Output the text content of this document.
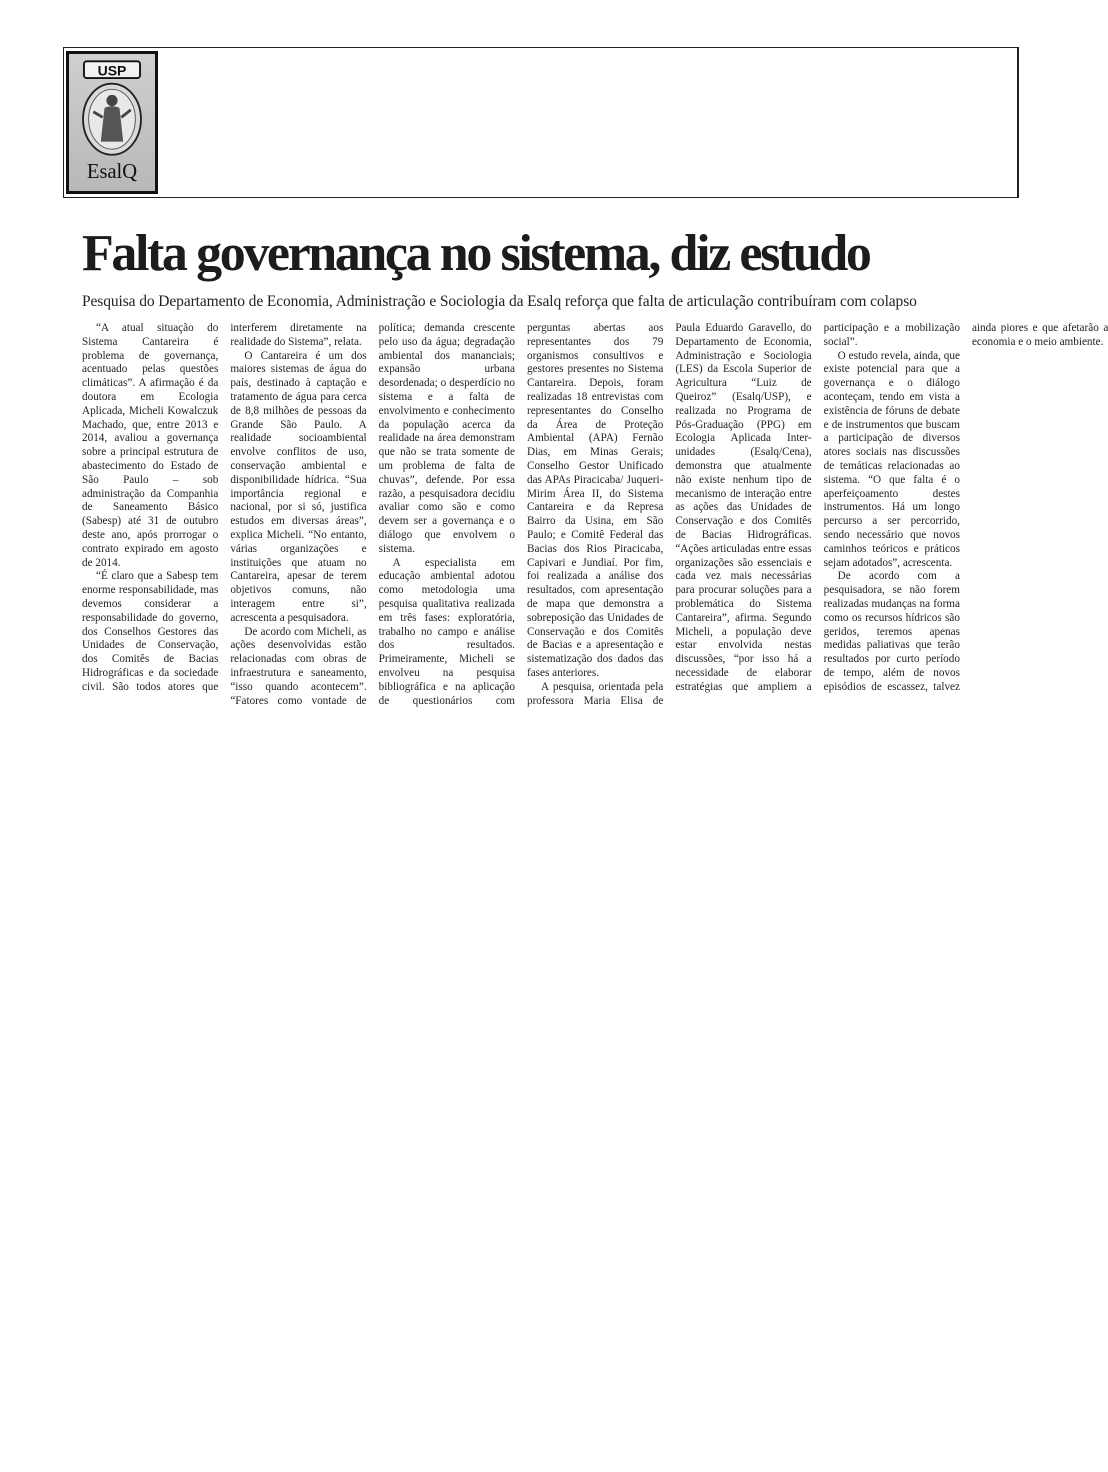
USP
EsalQ
Falta governança no sistema, diz estudo
Pesquisa do Departamento de Economia, Administração e Sociologia da Esalq reforça que falta de articulação contribuíram com colapso

“A atual situação do Sistema Cantareira é problema de governança, acentuado pelas questões climáticas”. A afirmação é da doutora em Ecologia Aplicada, Micheli Kowalczuk Machado, que, entre 2013 e 2014, avaliou a governança sobre a principal estrutura de abastecimento do Estado de São Paulo – sob administração da Companhia de Saneamento Básico (Sabesp) até 31 de outubro deste ano, após prorrogar o contrato expirado em agosto de 2014.

“É claro que a Sabesp tem enorme responsabilidade, mas devemos considerar a responsabilidade do governo, dos Conselhos Gestores das Unidades de Conservação, dos Comitês de Bacias Hidrográficas e da sociedade civil. São todos atores que interferem diretamente na realidade do Sistema”, relata.

O Cantareira é um dos maiores sistemas de água do país, destinado à captação e tratamento de água para cerca de 8,8 milhões de pessoas da Grande São Paulo. A realidade socioambiental envolve conflitos de uso, conservação ambiental e disponibilidade hídrica. “Sua importância regional e nacional, por si só, justifica estudos em diversas áreas”, explica Micheli. “No entanto, várias organizações e instituições que atuam no Cantareira, apesar de terem objetivos comuns, não interagem entre si”, acrescenta a pesquisadora.

De acordo com Micheli, as ações desenvolvidas estão relacionadas com obras de infraestrutura e saneamento, “isso quando acontecem”. “Fatores como vontade de política; demanda crescente pelo uso da água; degradação ambiental dos mananciais; expansão urbana desordenada; o desperdício no sistema e a falta de envolvimento e conhecimento da população acerca da realidade na área demonstram que não se trata somente de um problema de falta de chuvas”, defende. Por essa razão, a pesquisadora decidiu avaliar como são e como devem ser a governança e o diálogo que envolvem o sistema.

A especialista em educação ambiental adotou como metodologia uma pesquisa qualitativa realizada em três fases: exploratória, trabalho no campo e análise dos resultados. Primeiramente, Micheli se envolveu na pesquisa bibliográfica e na aplicação de questionários com perguntas abertas aos representantes dos 79 organismos consultivos e gestores presentes no Sistema Cantareira. Depois, foram realizadas 18 entrevistas com representantes do Conselho da Área de Proteção Ambiental (APA) Fernão Dias, em Minas Gerais; Conselho Gestor Unificado das APAs Piracicaba/ Juqueri-Mirim Área II, do Sistema Cantareira e da Represa Bairro da Usina, em São Paulo; e Comitê Federal das Bacias dos Rios Piracicaba, Capivari e Jundiaí. Por fim, foi realizada a análise dos resultados, com apresentação de mapa que demonstra a sobreposição das Unidades de Conservação e dos Comitês de Bacias e a apresentação e sistematização dos dados das fases anteriores.

A pesquisa, orientada pela professora Maria Elisa de Paula Eduardo Garavello, do Departamento de Economia, Administração e Sociologia (LES) da Escola Superior de Agricultura “Luiz de Queiroz” (Esalq/USP), e realizada no Programa de Pós-Graduação (PPG) em Ecologia Aplicada Inter-unidades (Esalq/Cena), demonstra que atualmente não existe nenhum tipo de mecanismo de interação entre as ações das Unidades de Conservação e dos Comitês de Bacias Hidrográficas. “Ações articuladas entre essas organizações são essenciais e cada vez mais necessárias para procurar soluções para a problemática do Sistema Cantareira”, afirma. Segundo Micheli, a população deve estar envolvida nestas discussões, “por isso há a necessidade de elaborar estratégias que ampliem a participação e a mobilização social”.

O estudo revela, ainda, que existe potencial para que a governança e o diálogo aconteçam, tendo em vista a existência de fóruns de debate e de instrumentos que buscam a participação de diversos atores sociais nas discussões de temáticas relacionadas ao sistema. “O que falta é o aperfeiçoamento destes instrumentos. Há um longo percurso a ser percorrido, sendo necessário que novos caminhos teóricos e práticos sejam adotados”, acrescenta.

De acordo com a pesquisadora, se não forem realizadas mudanças na forma como os recursos hídricos são geridos, teremos apenas medidas paliativas que terão resultados por curto período de tempo, além de novos episódios de escassez, talvez ainda piores e que afetarão a economia e o meio ambiente.
